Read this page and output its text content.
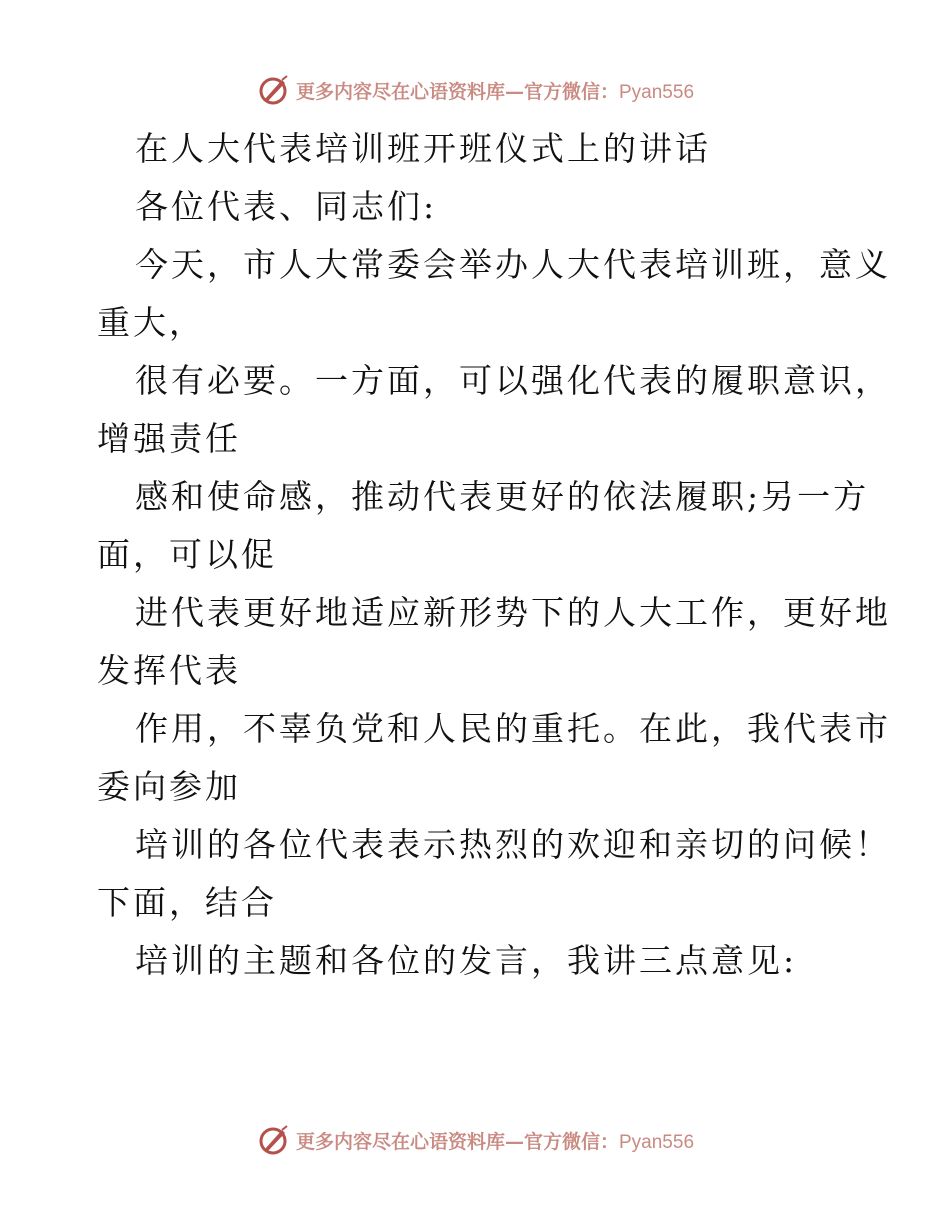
更多内容尽在心语资料库—官方微信：Pyan556
在人大代表培训班开班仪式上的讲话
各位代表、同志们:
今天，市人大常委会举办人大代表培训班，意义
重大，
很有必要。一方面，可以强化代表的履职意识，
增强责任
感和使命感，推动代表更好的依法履职;另一方
面，可以促
进代表更好地适应新形势下的人大工作，更好地
发挥代表
作用，不辜负党和人民的重托。在此，我代表市
委向参加
培训的各位代表表示热烈的欢迎和亲切的问候！
下面，结合
培训的主题和各位的发言，我讲三点意见:
更多内容尽在心语资料库—官方微信：Pyan556
